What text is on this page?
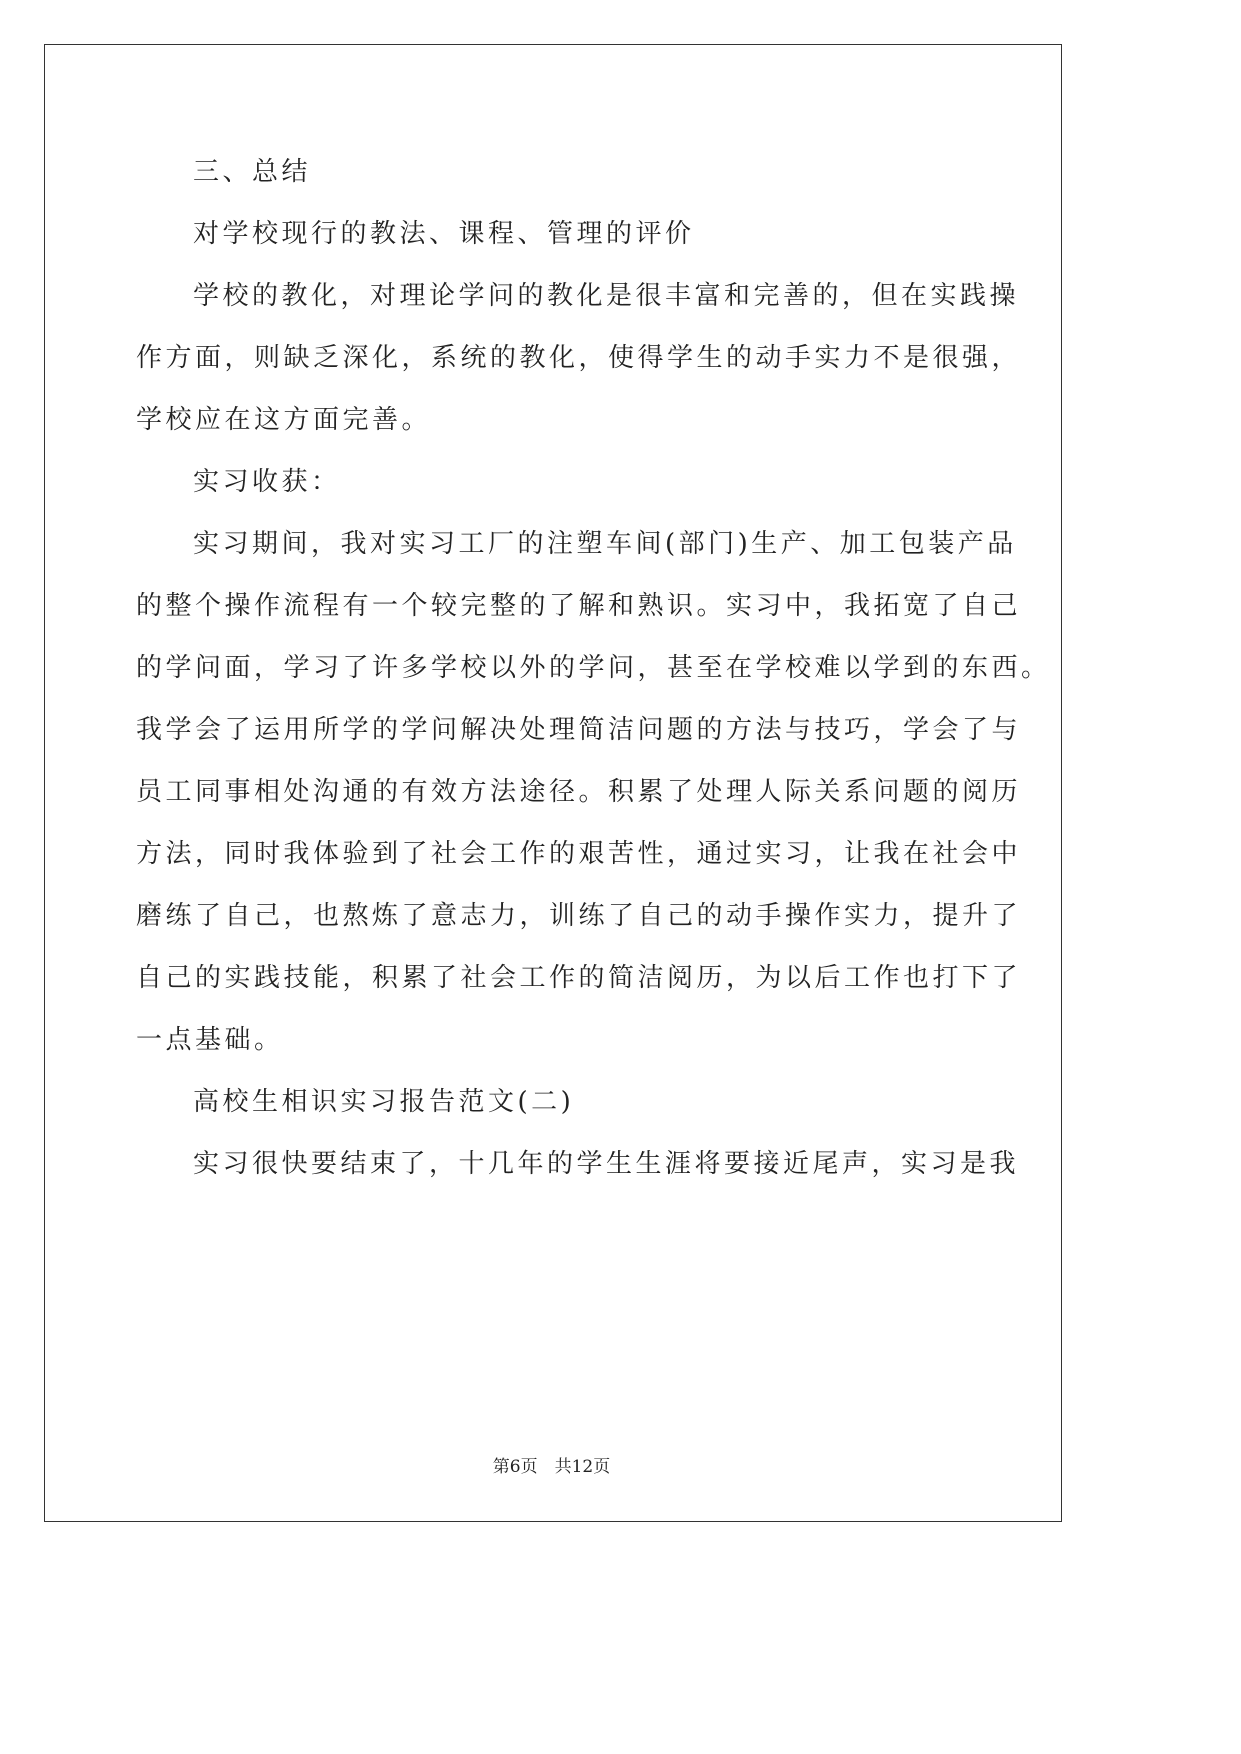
三、总结
对学校现行的教法、课程、管理的评价
学校的教化，对理论学问的教化是很丰富和完善的，但在实践操
作方面，则缺乏深化，系统的教化，使得学生的动手实力不是很强，
学校应在这方面完善。
实习收获：
实习期间，我对实习工厂的注塑车间(部门)生产、加工包装产品
的整个操作流程有一个较完整的了解和熟识。实习中，我拓宽了自己
的学问面，学习了许多学校以外的学问，甚至在学校难以学到的东西。
我学会了运用所学的学问解决处理简洁问题的方法与技巧，学会了与
员工同事相处沟通的有效方法途径。积累了处理人际关系问题的阅历
方法，同时我体验到了社会工作的艰苦性，通过实习，让我在社会中
磨练了自己，也熬炼了意志力，训练了自己的动手操作实力，提升了
自己的实践技能，积累了社会工作的简洁阅历，为以后工作也打下了
一点基础。
高校生相识实习报告范文(二)
实习很快要结束了，十几年的学生生涯将要接近尾声，实习是我
第6页　共12页
